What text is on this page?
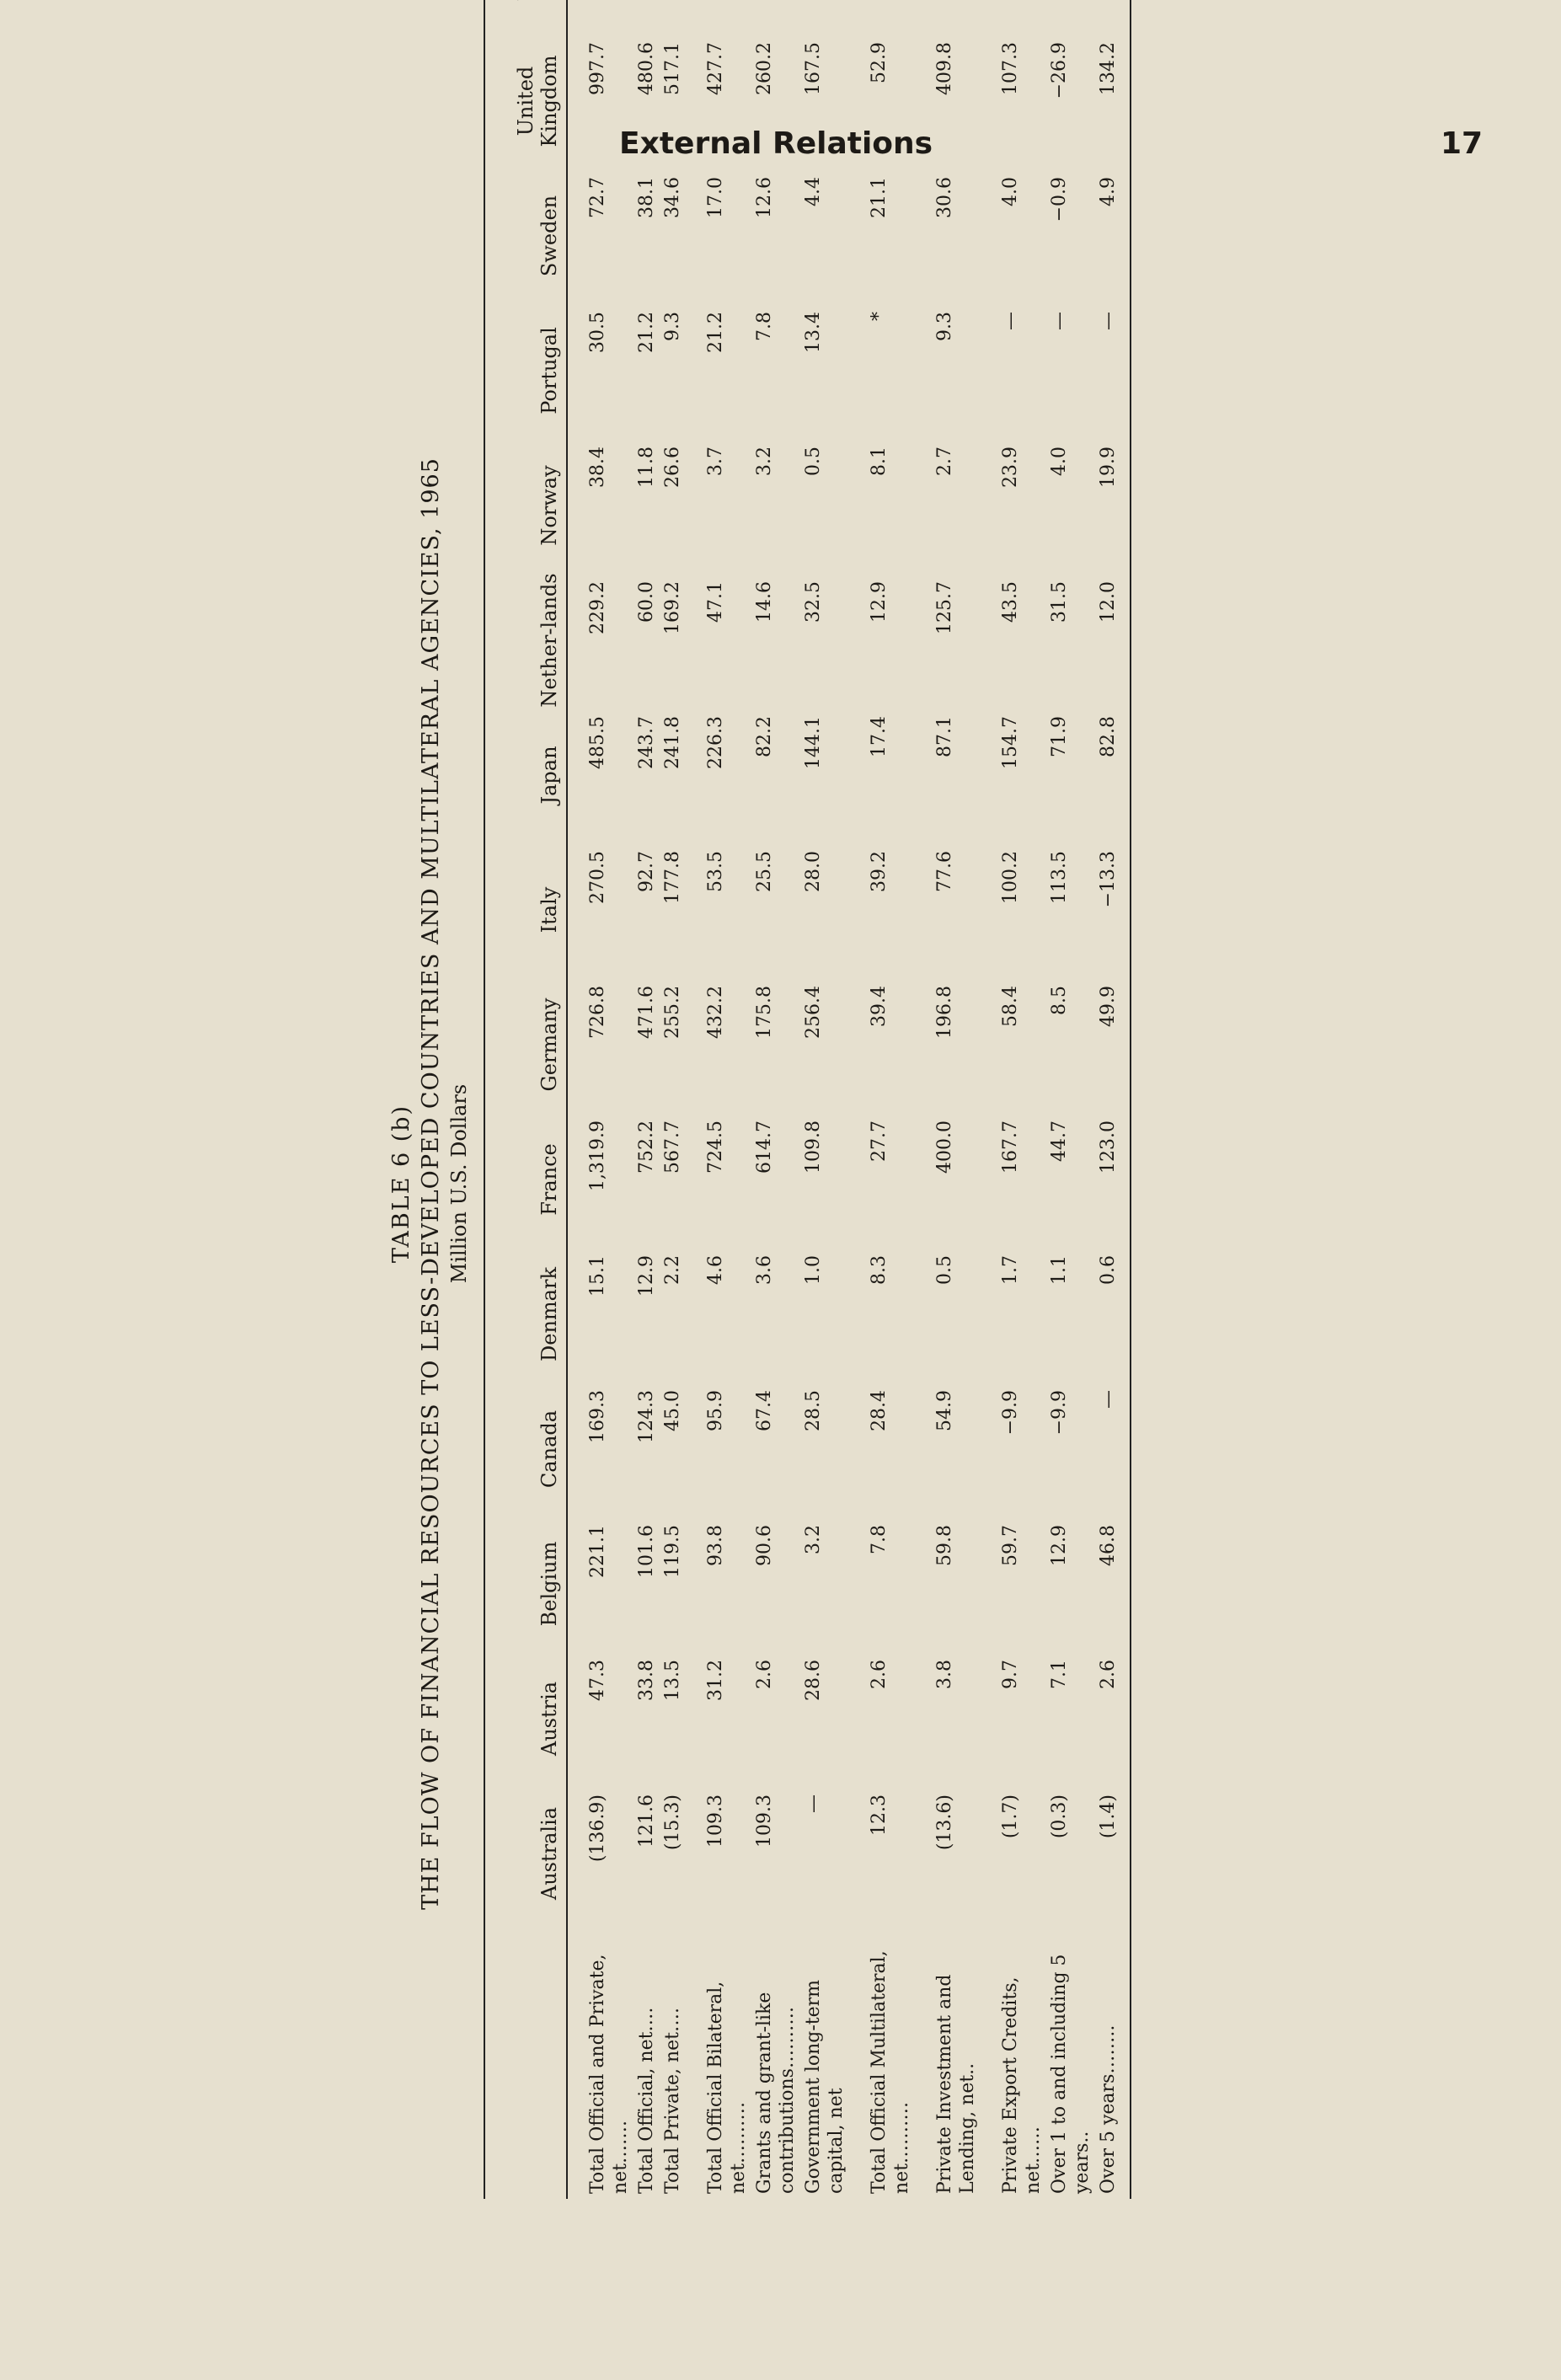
External Relations	17
TABLE 6 (b) THE FLOW OF FINANCIAL RESOURCES TO LESS-DEVELOPED COUNTRIES AND MULTILATERAL AGENCIES, 1965 Million U.S. Dollars
	Australia	Austria	Belgium	Canada	Denmark	France	Germany	Italy	Japan	Nether-lands	Norway	Portugal	Sweden	United Kingdom		
Total Official and Private, net…….	(136.9)	47.3	221.1	169.3	15.1	1,319.9	726.8	270.5	485.5	229.2	38.4	30.5	72.7	997.7		
Total Official, net….	121.6	33.8	101.6	124.3	12.9	752.2	471.6	92.7	243.7	60.0	11.8	21.2	38.1	480.6		
Total Private, net….	(15.3)	13.5	119.5	45.0	2.2	567.7	255.2	177.8	241.8	169.2	26.6	9.3	34.6	517.1		
Total Official Bilateral, net……….	109.3	31.2	93.8	95.9	4.6	724.5	432.2	53.5	226.3	47.1	3.7	21.2	17.0	427.7		
Grants and grant-like contributions……….	109.3	2.6	90.6	67.4	3.6	614.7	175.8	25.5	82.2	14.6	3.2	7.8	12.6	260.2		
Government long-term capital, net	—	28.6	3.2	28.5	1.0	109.8	256.4	28.0	144.1	32.5	0.5	13.4	4.4	167.5		
Total Official Multilateral, net……….	12.3	2.6	7.8	28.4	8.3	27.7	39.4	39.2	17.4	12.9	8.1	*	21.1	52.9		
Private Investment and Lending, net..	(13.6)	3.8	59.8	54.9	0.5	400.0	196.8	77.6	87.1	125.7	2.7	9.3	30.6	409.8		
Private Export Credits, net……	(1.7)	9.7	59.7	−9.9	1.7	167.7	58.4	100.2	154.7	43.5	23.9	—	4.0	107.3		
Over 1 to and including 5 years..	(0.3)	7.1	12.9	−9.9	1.1	44.7	8.5	113.5	71.9	31.5	4.0	—	−0.9	−26.9		
Over 5 years……..	(1.4)	2.6	46.8	—	0.6	123.0	49.9	−13.3	82.8	12.0	19.9	—	4.9	134.2		
